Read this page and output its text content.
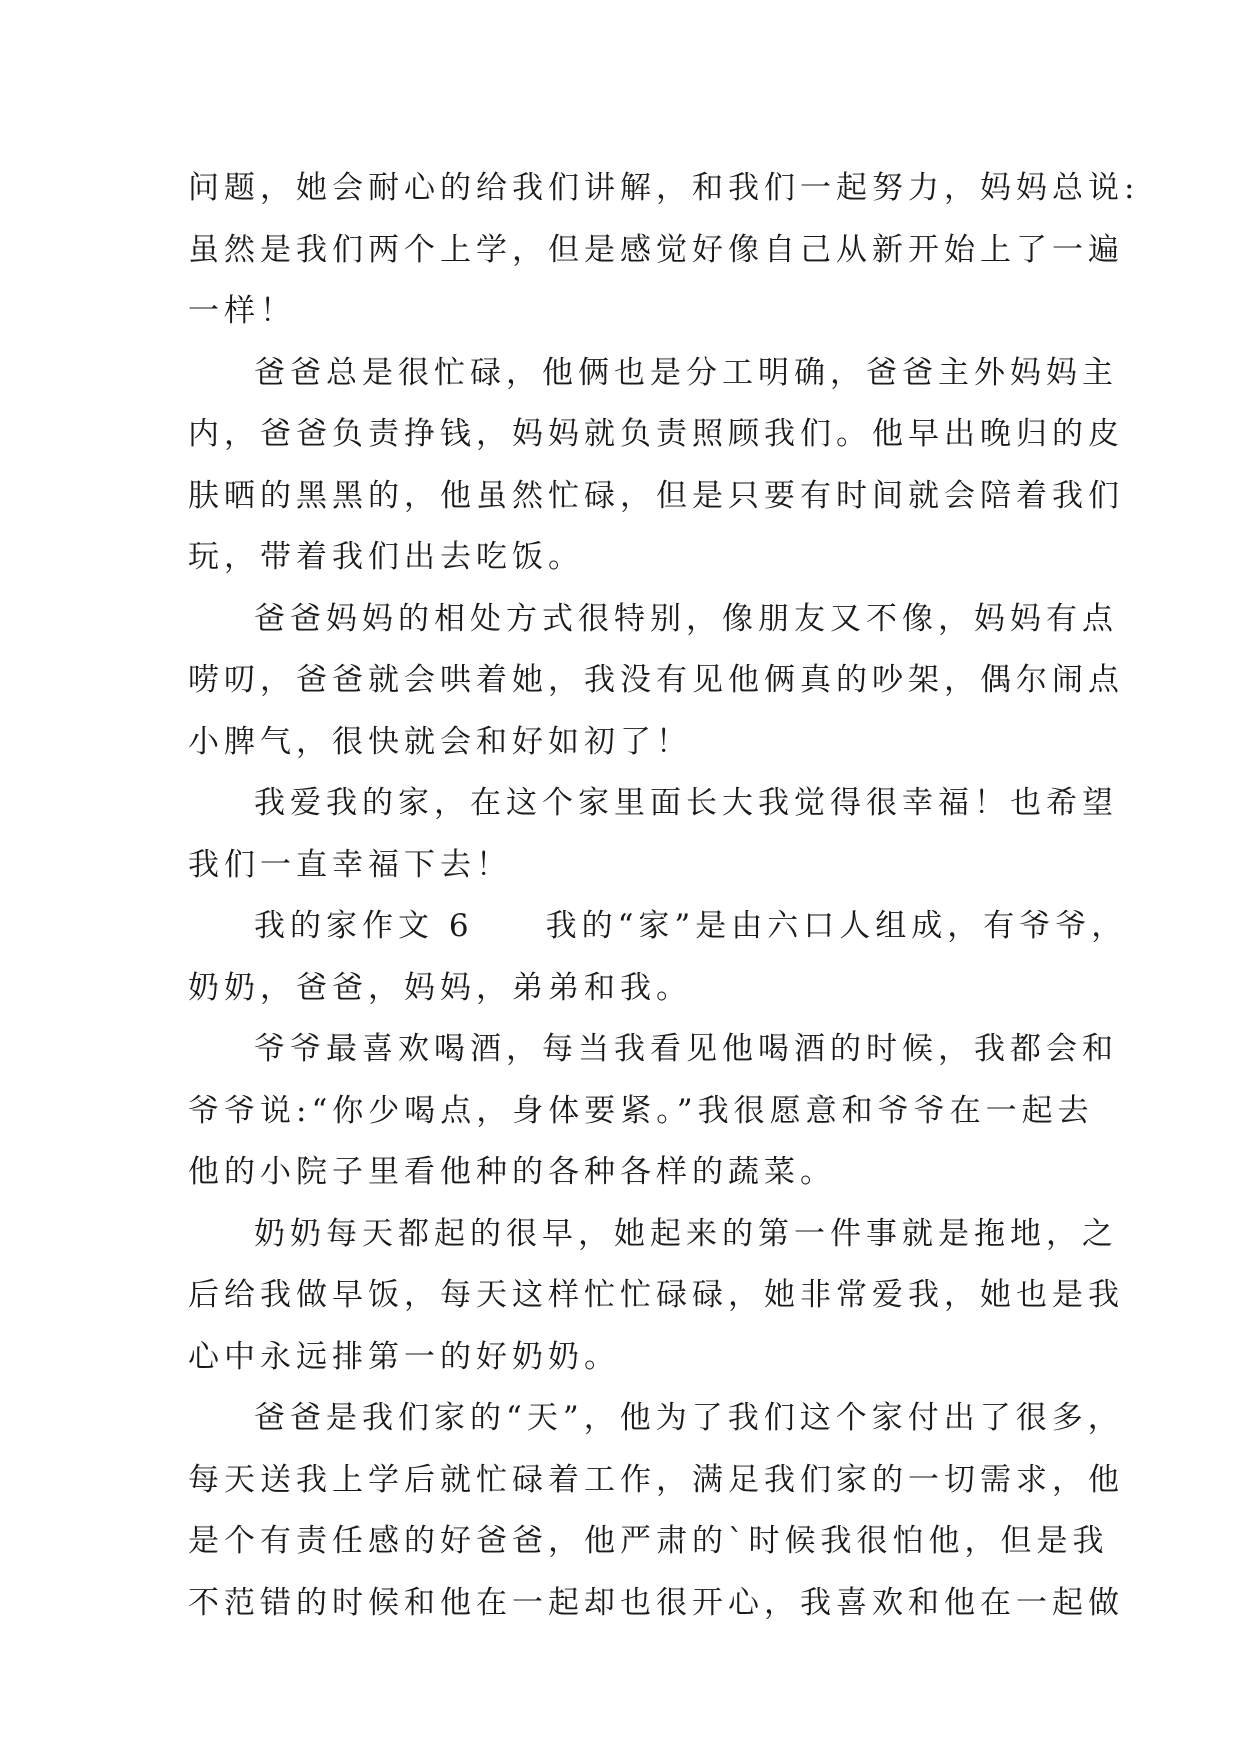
问题，她会耐心的给我们讲解，和我们一起努力，妈妈总说:
虽然是我们两个上学，但是感觉好像自己从新开始上了一遍
一样！
爸爸总是很忙碌，他俩也是分工明确，爸爸主外妈妈主
内，爸爸负责挣钱，妈妈就负责照顾我们。他早出晚归的皮
肤晒的黑黑的，他虽然忙碌，但是只要有时间就会陪着我们
玩，带着我们出去吃饭。
爸爸妈妈的相处方式很特别，像朋友又不像，妈妈有点
唠叨，爸爸就会哄着她，我没有见他俩真的吵架，偶尔闹点
小脾气，很快就会和好如初了！
我爱我的家，在这个家里面长大我觉得很幸福！也希望
我们一直幸福下去！
我的家作文 6　　我的“家”是由六口人组成，有爷爷，
奶奶，爸爸，妈妈，弟弟和我。
爷爷最喜欢喝酒，每当我看见他喝酒的时候，我都会和
爷爷说:“你少喝点，身体要紧。”我很愿意和爷爷在一起去
他的小院子里看他种的各种各样的蔬菜。
奶奶每天都起的很早，她起来的第一件事就是拖地，之
后给我做早饭，每天这样忙忙碌碌，她非常爱我，她也是我
心中永远排第一的好奶奶。
爸爸是我们家的“天”，他为了我们这个家付出了很多，
每天送我上学后就忙碌着工作，满足我们家的一切需求，他
是个有责任感的好爸爸，他严肃的`时候我很怕他，但是我
不范错的时候和他在一起却也很开心，我喜欢和他在一起做
